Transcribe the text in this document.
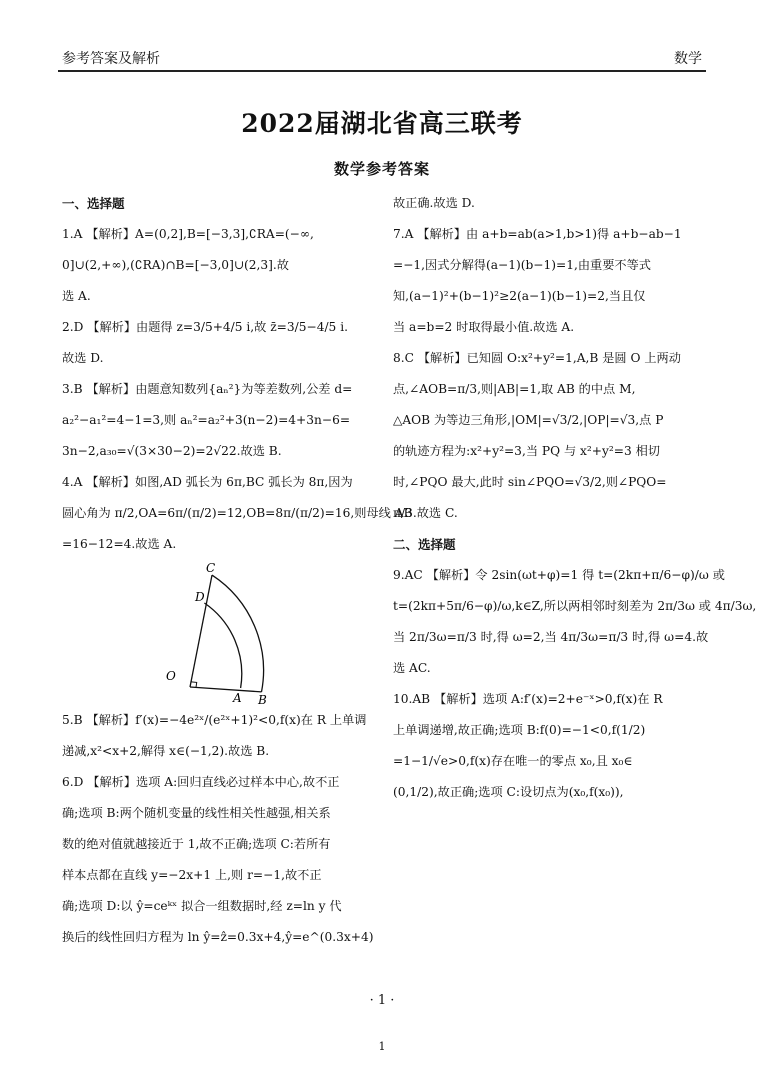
参考答案及解析	数学
2022届湖北省高三联考
数学参考答案
一、选择题
1.A 【解析】A=(0,2],B=[−3,3],∁RA=(−∞,
0]∪(2,+∞),(∁RA)∩B=[−3,0]∪(2,3].故
选 A.
2.D 【解析】由题得 z=3/5+4/5 i,故 z̄=3/5−4/5 i.
故选 D.
3.B 【解析】由题意知数列{aₙ²}为等差数列,公差 d=
a₂²−a₁²=4−1=3,则 aₙ²=a₂²+3(n−2)=4+3n−6=
3n−2,a₃₀=√(3×30−2)=2√22.故选 B.
4.A 【解析】如图,AD 弧长为 6π,BC 弧长为 8π,因为
圆心角为 π/2,OA=6π/(π/2)=12,OB=8π/(π/2)=16,则母线 AB
=16−12=4.故选 A.
C
D
O
A B
5.B 【解析】f′(x)=−4e²ˣ/(e²ˣ+1)²<0,f(x)在 R 上单调
递减,x²<x+2,解得 x∈(−1,2).故选 B.
6.D 【解析】选项 A:回归直线必过样本中心,故不正
确;选项 B:两个随机变量的线性相关性越强,相关系
数的绝对值就越接近于 1,故不正确;选项 C:若所有
样本点都在直线 y=−2x+1 上,则 r=−1,故不正
确;选项 D:以 ŷ=ceᵏˣ 拟合一组数据时,经 z=ln y 代
换后的线性回归方程为 ln ŷ=ẑ=0.3x+4,ŷ=e^(0.3x+4)
故正确.故选 D.
7.A 【解析】由 a+b=ab(a>1,b>1)得 a+b−ab−1
=−1,因式分解得(a−1)(b−1)=1,由重要不等式
知,(a−1)²+(b−1)²≥2(a−1)(b−1)=2,当且仅
当 a=b=2 时取得最小值.故选 A.
8.C 【解析】已知圆 O:x²+y²=1,A,B 是圆 O 上两动
点,∠AOB=π/3,则|AB|=1,取 AB 的中点 M,
△AOB 为等边三角形,|OM|=√3/2,|OP|=√3,点 P
的轨迹方程为:x²+y²=3,当 PQ 与 x²+y²=3 相切
时,∠PQO 最大,此时 sin∠PQO=√3/2,则∠PQO=
π/3.故选 C.
二、选择题
9.AC 【解析】令 2sin(ωt+φ)=1 得 t=(2kπ+π/6−φ)/ω 或
t=(2kπ+5π/6−φ)/ω,k∈Z,所以两相邻时刻差为 2π/3ω 或 4π/3ω,
当 2π/3ω=π/3 时,得 ω=2,当 4π/3ω=π/3 时,得 ω=4.故
选 AC.
10.AB 【解析】选项 A:f′(x)=2+e⁻ˣ>0,f(x)在 R
上单调递增,故正确;选项 B:f(0)=−1<0,f(1/2)
=1−1/√e>0,f(x)存在唯一的零点 x₀,且 x₀∈
(0,1/2),故正确;选项 C:设切点为(x₀,f(x₀)),
· 1 ·
1
